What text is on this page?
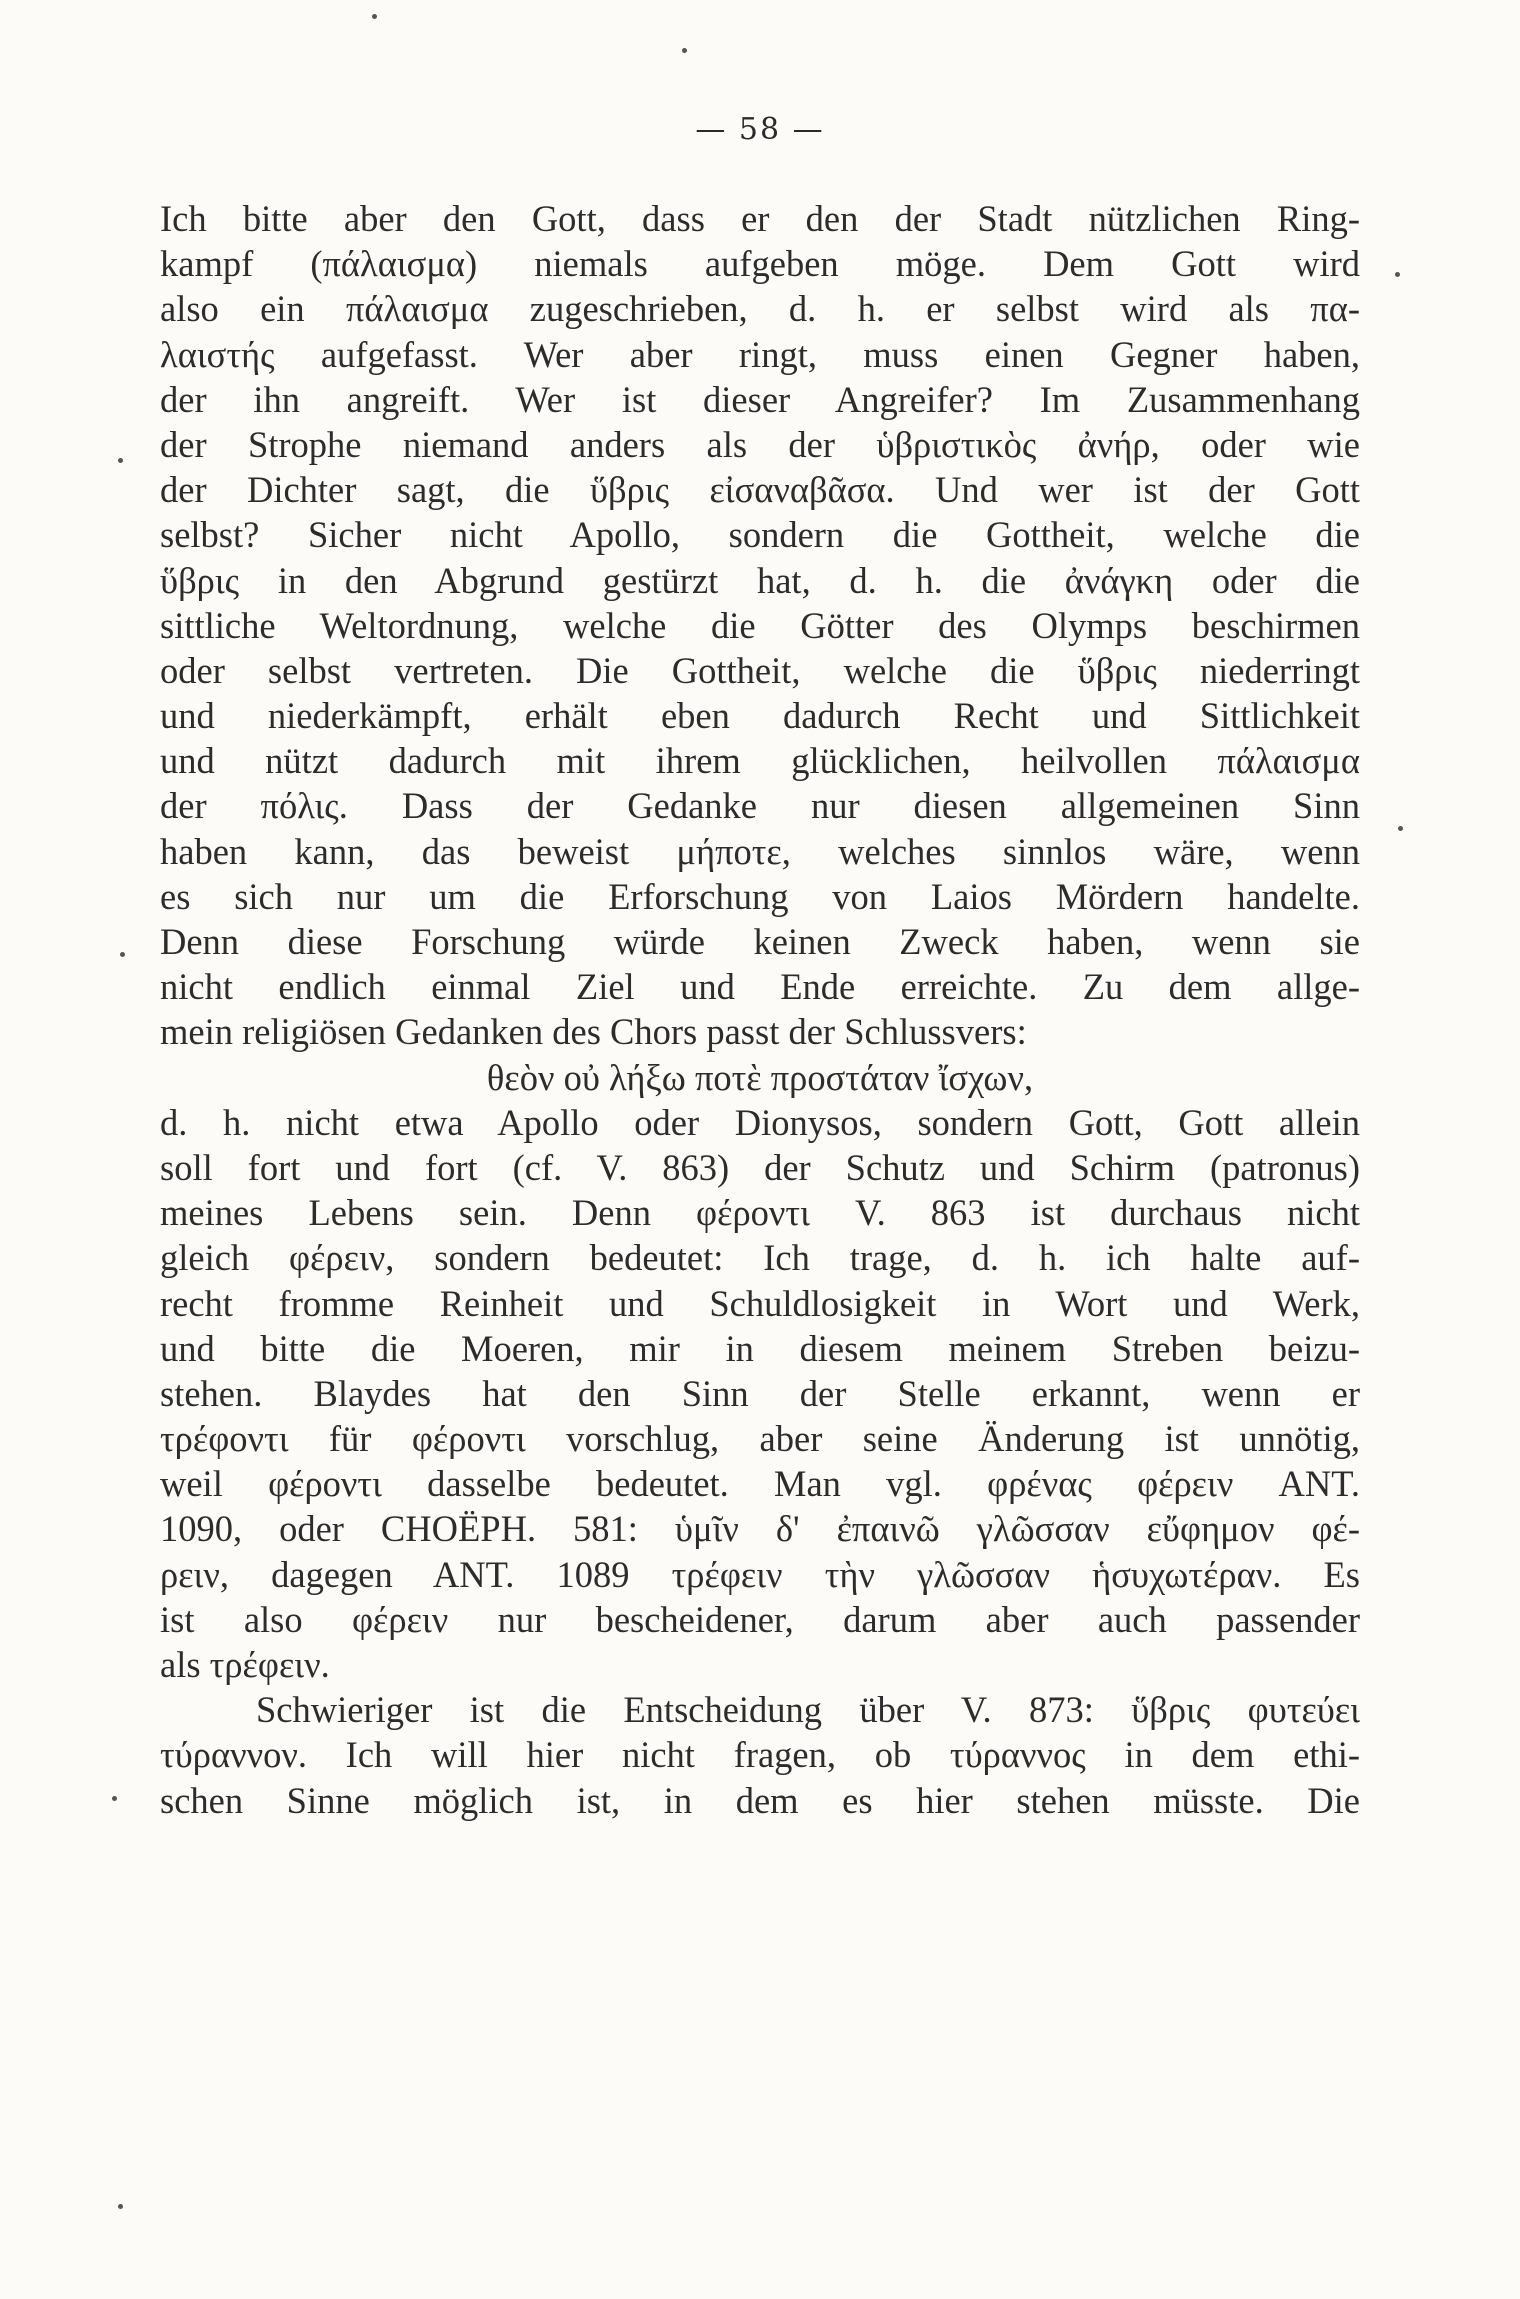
— 58 —
Ich bitte aber den Gott, dass er den der Stadt nützlichen Ring-
kampf (πάλαισμα) niemals aufgeben möge. Dem Gott wird
also ein πάλαισμα zugeschrieben, d. h. er selbst wird als πα-
λαιστής aufgefasst. Wer aber ringt, muss einen Gegner haben,
der ihn angreift. Wer ist dieser Angreifer? Im Zusammenhang
der Strophe niemand anders als der ὑβριστικὸς ἀνήρ, oder wie
der Dichter sagt, die ὕβρις εἰσαναβᾶσα. Und wer ist der Gott
selbst? Sicher nicht Apollo, sondern die Gottheit, welche die
ὕβρις in den Abgrund gestürzt hat, d. h. die ἀνάγκη oder die
sittliche Weltordnung, welche die Götter des Olymps beschirmen
oder selbst vertreten. Die Gottheit, welche die ὕβρις niederringt
und niederkämpft, erhält eben dadurch Recht und Sittlichkeit
und nützt dadurch mit ihrem glücklichen, heilvollen πάλαισμα
der πόλις. Dass der Gedanke nur diesen allgemeinen Sinn
haben kann, das beweist μήποτε, welches sinnlos wäre, wenn
es sich nur um die Erforschung von Laios Mördern handelte.
Denn diese Forschung würde keinen Zweck haben, wenn sie
nicht endlich einmal Ziel und Ende erreichte. Zu dem allge-
mein religiösen Gedanken des Chors passt der Schlussvers:
θεὸν οὐ λήξω ποτὲ προστάταν ἴσχων,
d. h. nicht etwa Apollo oder Dionysos, sondern Gott, Gott allein
soll fort und fort (cf. V. 863) der Schutz und Schirm (patronus)
meines Lebens sein. Denn φέροντι V. 863 ist durchaus nicht
gleich φέρειν, sondern bedeutet: Ich trage, d. h. ich halte auf-
recht fromme Reinheit und Schuldlosigkeit in Wort und Werk,
und bitte die Moeren, mir in diesem meinem Streben beizu-
stehen. Blaydes hat den Sinn der Stelle erkannt, wenn er
τρέφοντι für φέροντι vorschlug, aber seine Änderung ist unnötig,
weil φέροντι dasselbe bedeutet. Man vgl. φρένας φέρειν ANT.
1090, oder CHOËPH. 581: ὑμῖν δ' ἐπαινῶ γλῶσσαν εὔφημον φέ-
ρειν, dagegen ANT. 1089 τρέφειν τὴν γλῶσσαν ἡσυχωτέραν. Es
ist also φέρειν nur bescheidener, darum aber auch passender
als τρέφειν.
Schwieriger ist die Entscheidung über V. 873: ὕβρις φυτεύει
τύραννον. Ich will hier nicht fragen, ob τύραννος in dem ethi-
schen Sinne möglich ist, in dem es hier stehen müsste. Die
